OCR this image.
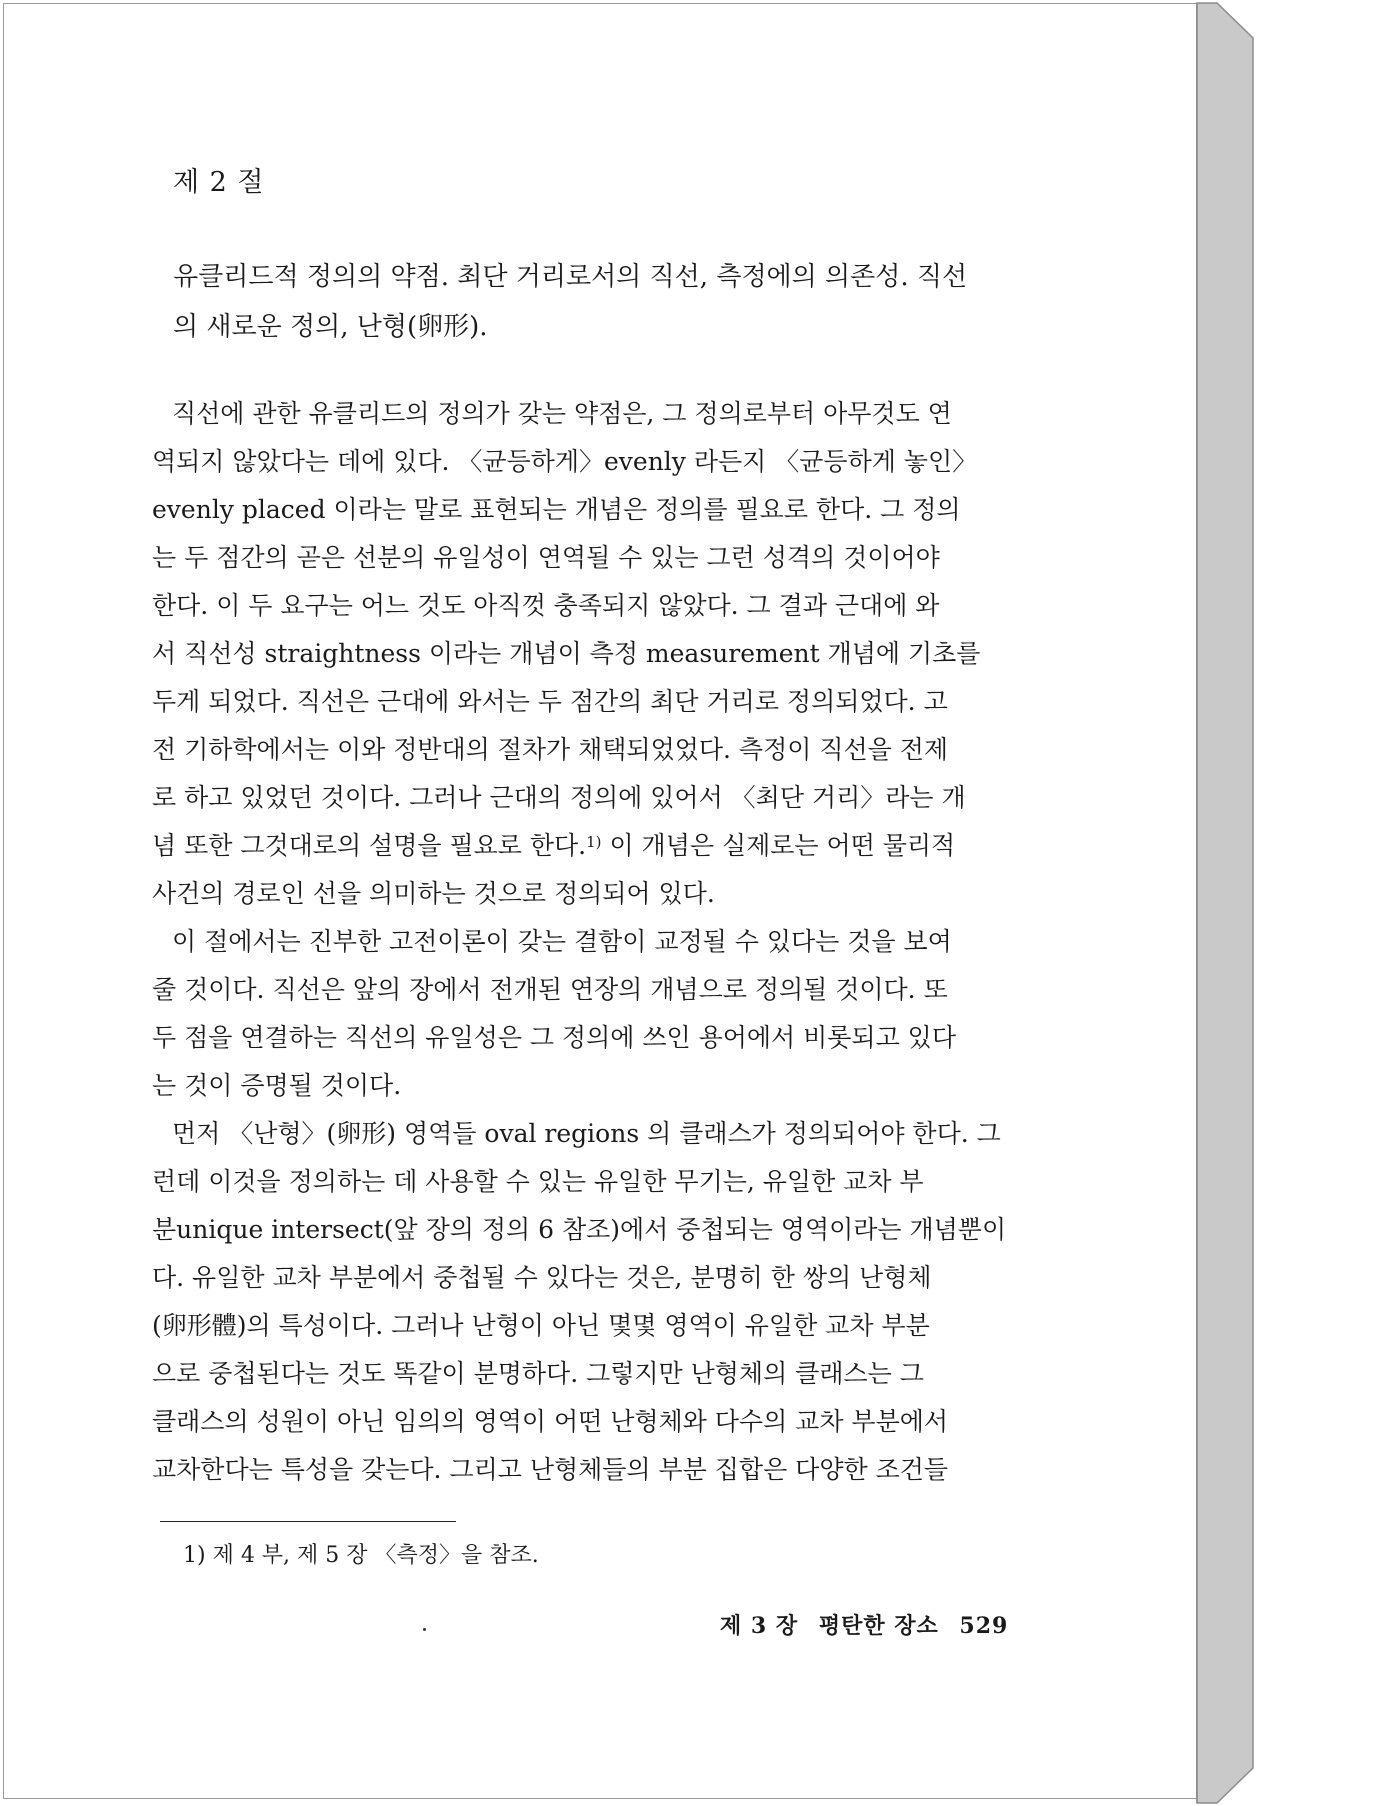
제 2 절
유클리드적 정의의 약점. 최단 거리로서의 직선, 측정에의 의존성. 직선
의 새로운 정의, 난형(卵形).
직선에 관한 유클리드의 정의가 갖는 약점은, 그 정의로부터 아무것도 연
역되지 않았다는 데에 있다. 〈균등하게〉evenly 라든지 〈균등하게 놓인〉
evenly placed 이라는 말로 표현되는 개념은 정의를 필요로 한다. 그 정의
는 두 점간의 곧은 선분의 유일성이 연역될 수 있는 그런 성격의 것이어야
한다. 이 두 요구는 어느 것도 아직껏 충족되지 않았다. 그 결과 근대에 와
서 직선성 straightness 이라는 개념이 측정 measurement 개념에 기초를
두게 되었다. 직선은 근대에 와서는 두 점간의 최단 거리로 정의되었다. 고
전 기하학에서는 이와 정반대의 절차가 채택되었었다. 측정이 직선을 전제
로 하고 있었던 것이다. 그러나 근대의 정의에 있어서 〈최단 거리〉라는 개
념 또한 그것대로의 설명을 필요로 한다.$^{1)}$ 이 개념은 실제로는 어떤 물리적
사건의 경로인 선을 의미하는 것으로 정의되어 있다.
이 절에서는 진부한 고전이론이 갖는 결함이 교정될 수 있다는 것을 보여
줄 것이다. 직선은 앞의 장에서 전개된 연장의 개념으로 정의될 것이다. 또
두 점을 연결하는 직선의 유일성은 그 정의에 쓰인 용어에서 비롯되고 있다
는 것이 증명될 것이다.
먼저 〈난형〉(卵形) 영역들 oval regions 의 클래스가 정의되어야 한다. 그
런데 이것을 정의하는 데 사용할 수 있는 유일한 무기는, 유일한 교차 부
분unique intersect(앞 장의 정의 6 참조)에서 중첩되는 영역이라는 개념뿐이
다. 유일한 교차 부분에서 중첩될 수 있다는 것은, 분명히 한 쌍의 난형체
(卵形體)의 특성이다. 그러나 난형이 아닌 몇몇 영역이 유일한 교차 부분
으로 중첩된다는 것도 똑같이 분명하다. 그렇지만 난형체의 클래스는 그
클래스의 성원이 아닌 임의의 영역이 어떤 난형체와 다수의 교차 부분에서
교차한다는 특성을 갖는다. 그리고 난형체들의 부분 집합은 다양한 조건들
1) 제 4 부, 제 5 장 〈측정〉을 참조.
제 3 장 평탄한 장소 529
